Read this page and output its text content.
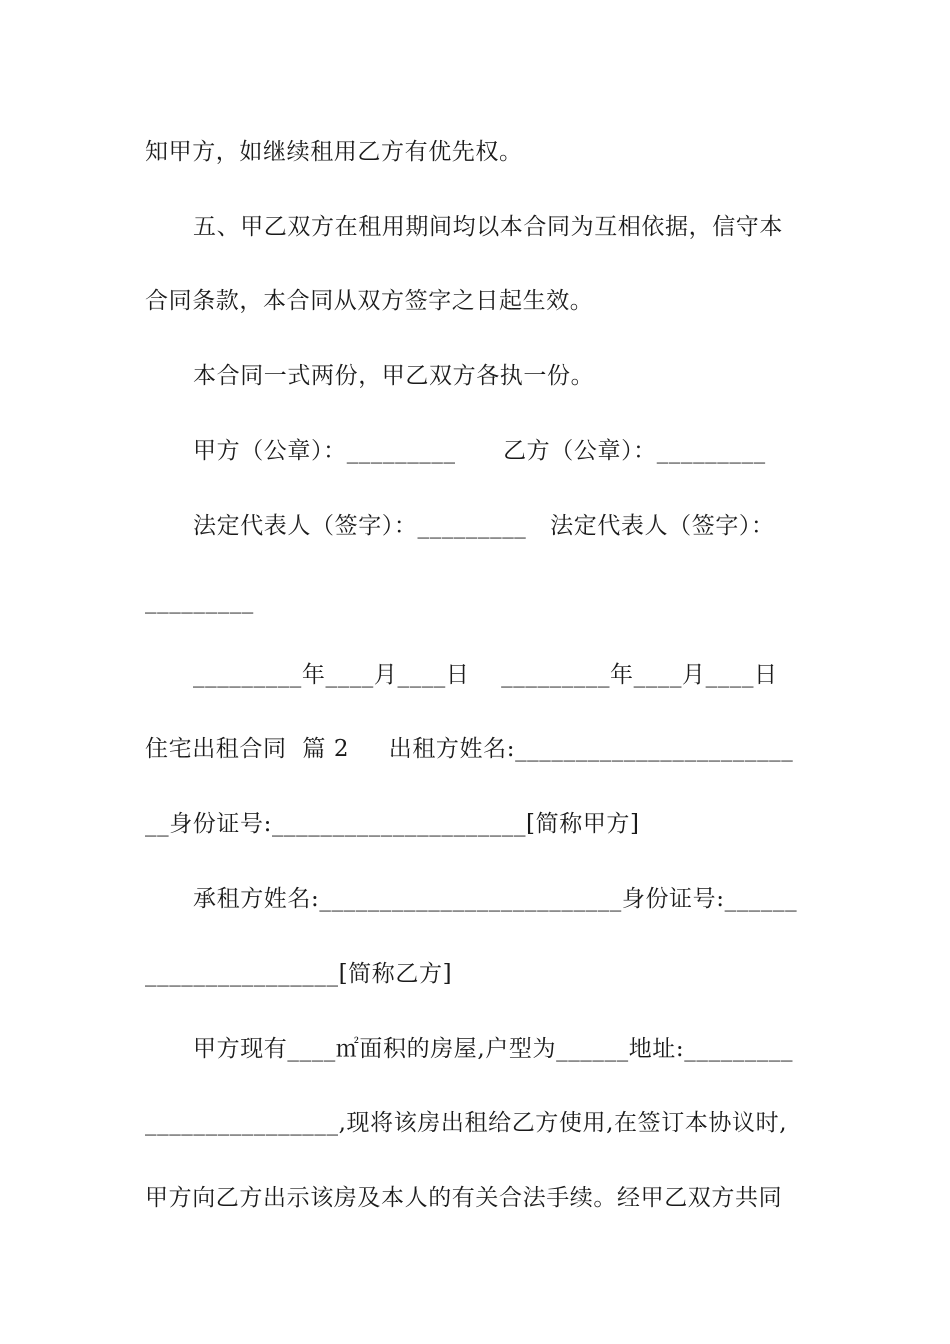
知甲方，如继续租用乙方有优先权。
五、甲乙双方在租用期间均以本合同为互相依据，信守本
合同条款，本合同从双方签字之日起生效。
本合同一式两份，甲乙双方各执一份。
甲方（公章）：_________      乙方（公章）：_________
法定代表人（签字）：_________   法定代表人（签字）：
_________
_________年____月____日    _________年____月____日
住宅出租合同  篇 2     出租方姓名:_______________________
__身份证号:_____________________[简称甲方]
承租方姓名:_________________________身份证号:______
________________[简称乙方]
甲方现有____㎡面积的房屋,户型为______地址:_________
________________,现将该房出租给乙方使用,在签订本协议时,
甲方向乙方出示该房及本人的有关合法手续。经甲乙双方共同
